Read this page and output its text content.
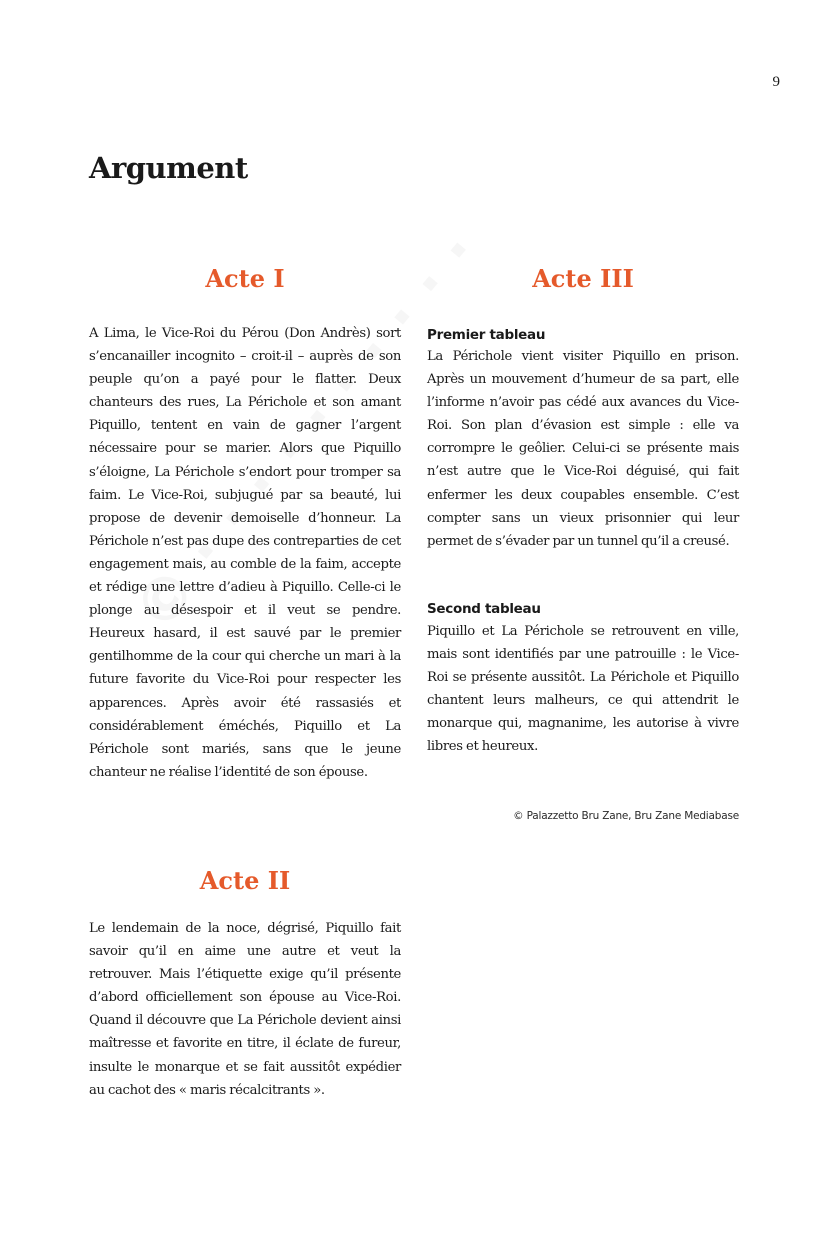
9
Argument
Acte I

A Lima, le Vice-Roi du Pérou (Don Andrès) sort s’encanailler incognito – croit-il – auprès de son peuple qu’on a payé pour le flatter. Deux chanteurs des rues, La Périchole et son amant Piquillo, tentent en vain de gagner l’argent nécessaire pour se marier. Alors que Piquillo s’éloigne, La Périchole s’endort pour tromper sa faim. Le Vice-Roi, subjugué par sa beauté, lui propose de devenir demoiselle d’honneur. La Périchole n’est pas dupe des contreparties de cet engagement mais, au comble de la faim, accepte et rédige une lettre d’adieu à Piquillo. Celle-ci le plonge au désespoir et il veut se pendre. Heureux hasard, il est sauvé par le premier gentilhomme de la cour qui cherche un mari à la future favorite du Vice-Roi pour respecter les apparences. Après avoir été rassasiés et considérablement éméchés, Piquillo et La Périchole sont mariés, sans que le jeune chanteur ne réalise l’identité de son épouse.

Acte II

Le lendemain de la noce, dégrisé, Piquillo fait savoir qu’il en aime une autre et veut la retrouver. Mais l’étiquette exige qu’il présente d’abord officiellement son épouse au Vice-Roi. Quand il découvre que La Périchole devient ainsi maîtresse et favorite en titre, il éclate de fureur, insulte le monarque et se fait aussitôt expédier au cachot des « maris récalcitrants ».

Acte III
Premier tableau

La Périchole vient visiter Piquillo en prison. Après un mouvement d’humeur de sa part, elle l’informe n’avoir pas cédé aux avances du Vice-Roi. Son plan d’évasion est simple : elle va corrompre le geôlier. Celui-ci se présente mais n’est autre que le Vice-Roi déguisé, qui fait enfermer les deux coupables ensemble. C’est compter sans un vieux prisonnier qui leur permet de s’évader par un tunnel qu’il a creusé.

Second tableau

Piquillo et La Périchole se retrouvent en ville, mais sont identifiés par une patrouille : le Vice-Roi se présente aussitôt. La Périchole et Piquillo chantent leurs malheurs, ce qui attendrit le monarque qui, magnanime, les autorise à vivre libres et heureux.

© Palazzetto Bru Zane, Bru Zane Mediabase
